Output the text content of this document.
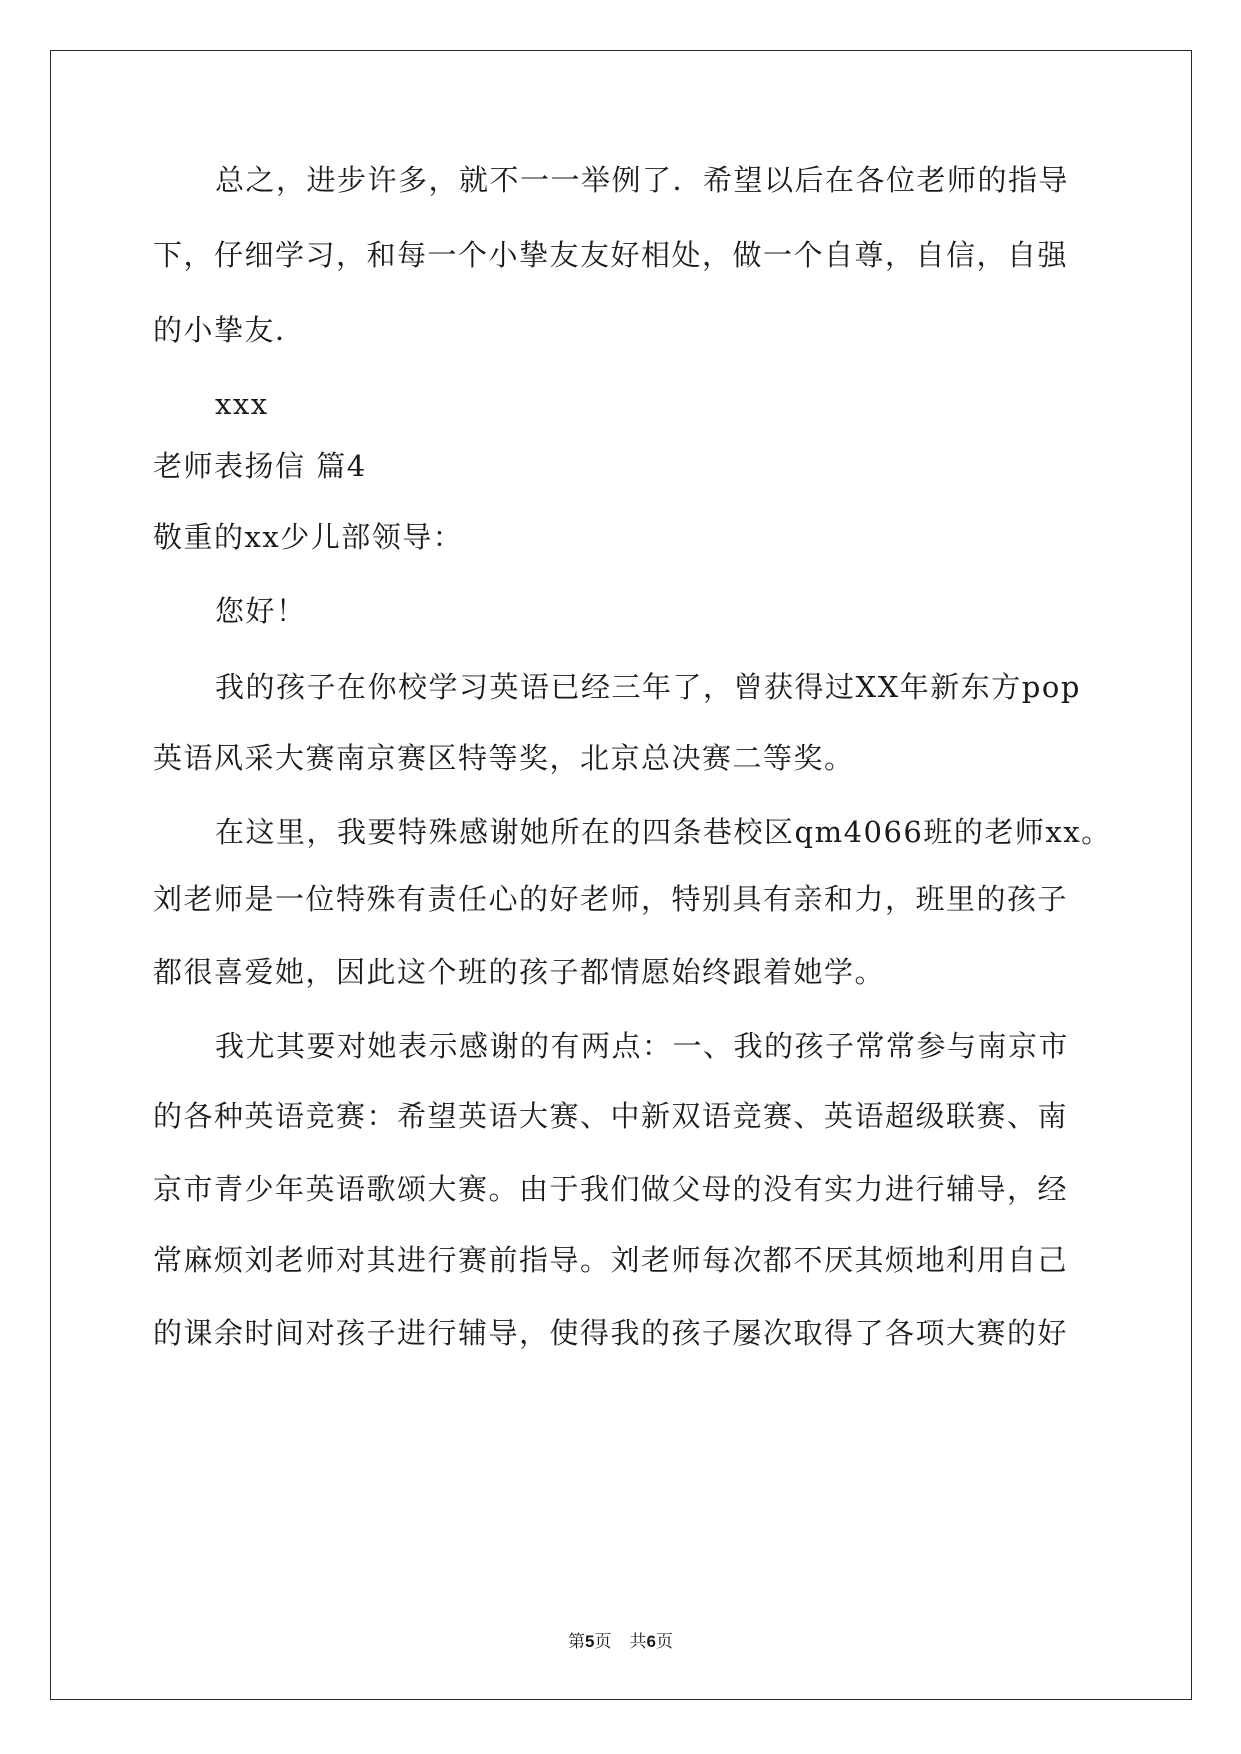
总之，进步许多，就不一一举例了．希望以后在各位老师的指导
下，仔细学习，和每一个小挚友友好相处，做一个自尊，自信，自强
的小挚友．
xxx
老师表扬信 篇4
敬重的xx少儿部领导：
您好！
我的孩子在你校学习英语已经三年了，曾获得过XX年新东方pop
英语风采大赛南京赛区特等奖，北京总决赛二等奖。
在这里，我要特殊感谢她所在的四条巷校区qm4066班的老师xx。
刘老师是一位特殊有责任心的好老师，特别具有亲和力，班里的孩子
都很喜爱她，因此这个班的孩子都情愿始终跟着她学。
我尤其要对她表示感谢的有两点：一、我的孩子常常参与南京市
的各种英语竞赛：希望英语大赛、中新双语竞赛、英语超级联赛、南
京市青少年英语歌颂大赛。由于我们做父母的没有实力进行辅导，经
常麻烦刘老师对其进行赛前指导。刘老师每次都不厌其烦地利用自己
的课余时间对孩子进行辅导，使得我的孩子屡次取得了各项大赛的好
第5页 共6页
